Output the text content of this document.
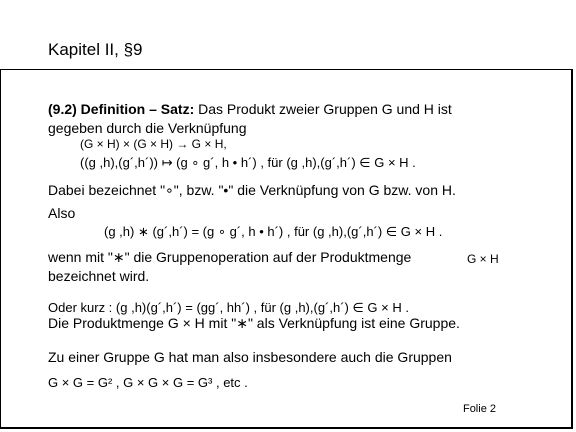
Kapitel II, §9
(9.2) Definition – Satz: Das Produkt zweier Gruppen G und H ist
gegeben durch die Verknüpfung
(G × H) × (G × H) → G × H,
((g ,h),(g´,h´)) ↦ (g ∘ g´, h • h´) , für (g ,h),(g´,h´) ∈ G × H .
Dabei bezeichnet "∘", bzw. "•" die Verknüpfung von G bzw. von H.
Also
(g ,h) ∗ (g´,h´) = (g ∘ g´, h • h´) , für (g ,h),(g´,h´) ∈ G × H .
wenn mit "∗" die Gruppenoperation auf der Produktmenge	G × H
bezeichnet wird.
Oder kurz : (g ,h)(g´,h´) = (gg´, hh´) , für (g ,h),(g´,h´) ∈ G × H .
Die Produktmenge G × H mit "∗" als Verknüpfung ist eine Gruppe.
Zu einer Gruppe G hat man also insbesondere auch die Gruppen
G × G = G² , G × G × G = G³ , etc .
Folie 2
